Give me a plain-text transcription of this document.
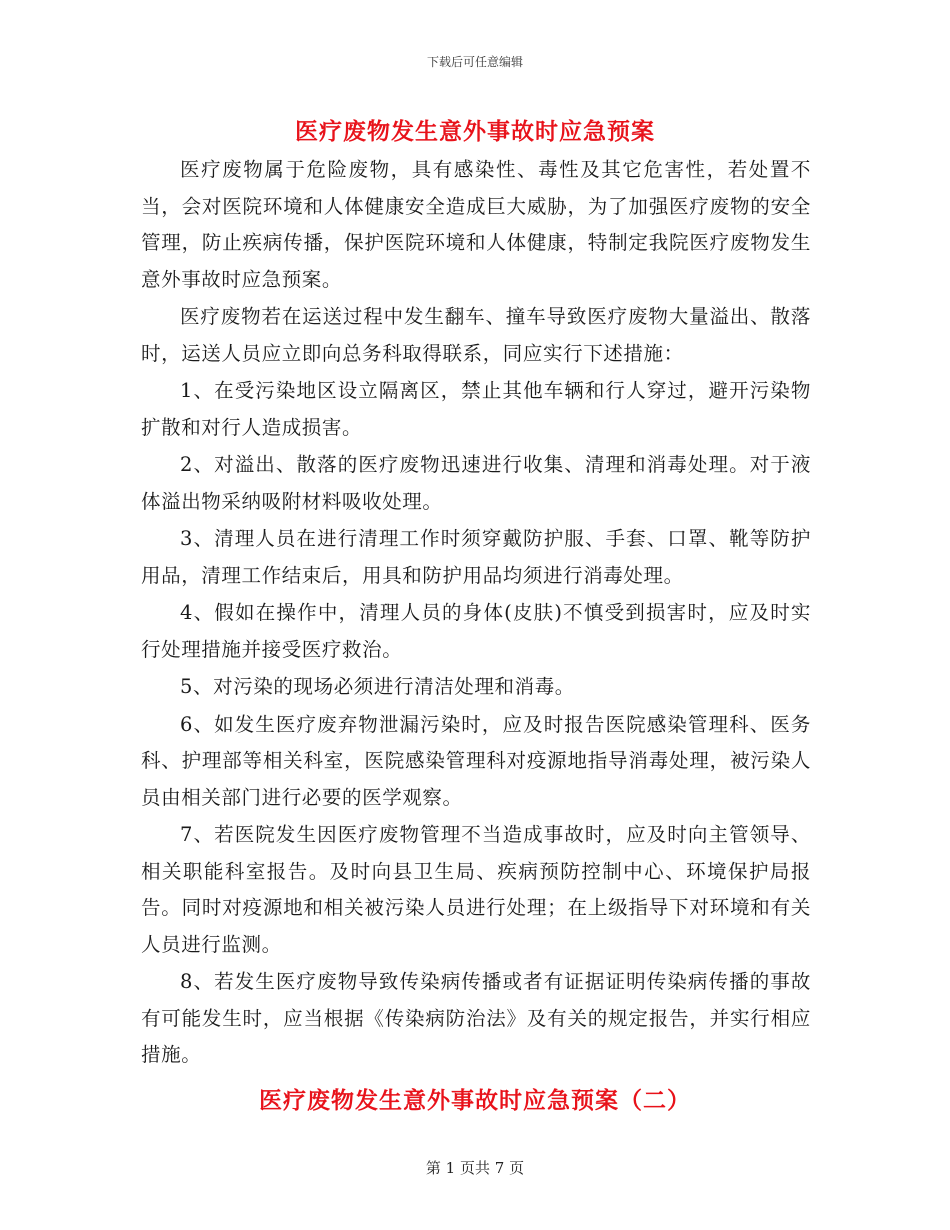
下载后可任意编辑
医疗废物发生意外事故时应急预案

医疗废物属于危险废物，具有感染性、毒性及其它危害性，若处置不当，会对医院环境和人体健康安全造成巨大威胁，为了加强医疗废物的安全管理，防止疾病传播，保护医院环境和人体健康，特制定我院医疗废物发生意外事故时应急预案。

医疗废物若在运送过程中发生翻车、撞车导致医疗废物大量溢出、散落时，运送人员应立即向总务科取得联系，同应实行下述措施：

1、在受污染地区设立隔离区，禁止其他车辆和行人穿过，避开污染物扩散和对行人造成损害。

2、对溢出、散落的医疗废物迅速进行收集、清理和消毒处理。对于液体溢出物采纳吸附材料吸收处理。

3、清理人员在进行清理工作时须穿戴防护服、手套、口罩、靴等防护用品，清理工作结束后，用具和防护用品均须进行消毒处理。

4、假如在操作中，清理人员的身体(皮肤)不慎受到损害时，应及时实行处理措施并接受医疗救治。

5、对污染的现场必须进行清洁处理和消毒。

6、如发生医疗废弃物泄漏污染时，应及时报告医院感染管理科、医务科、护理部等相关科室，医院感染管理科对疫源地指导消毒处理，被污染人员由相关部门进行必要的医学观察。

7、若医院发生因医疗废物管理不当造成事故时，应及时向主管领导、相关职能科室报告。及时向县卫生局、疾病预防控制中心、环境保护局报告。同时对疫源地和相关被污染人员进行处理；在上级指导下对环境和有关人员进行监测。

8、若发生医疗废物导致传染病传播或者有证据证明传染病传播的事故有可能发生时，应当根据《传染病防治法》及有关的规定报告，并实行相应措施。

医疗废物发生意外事故时应急预案（二）
第 1 页共 7 页
